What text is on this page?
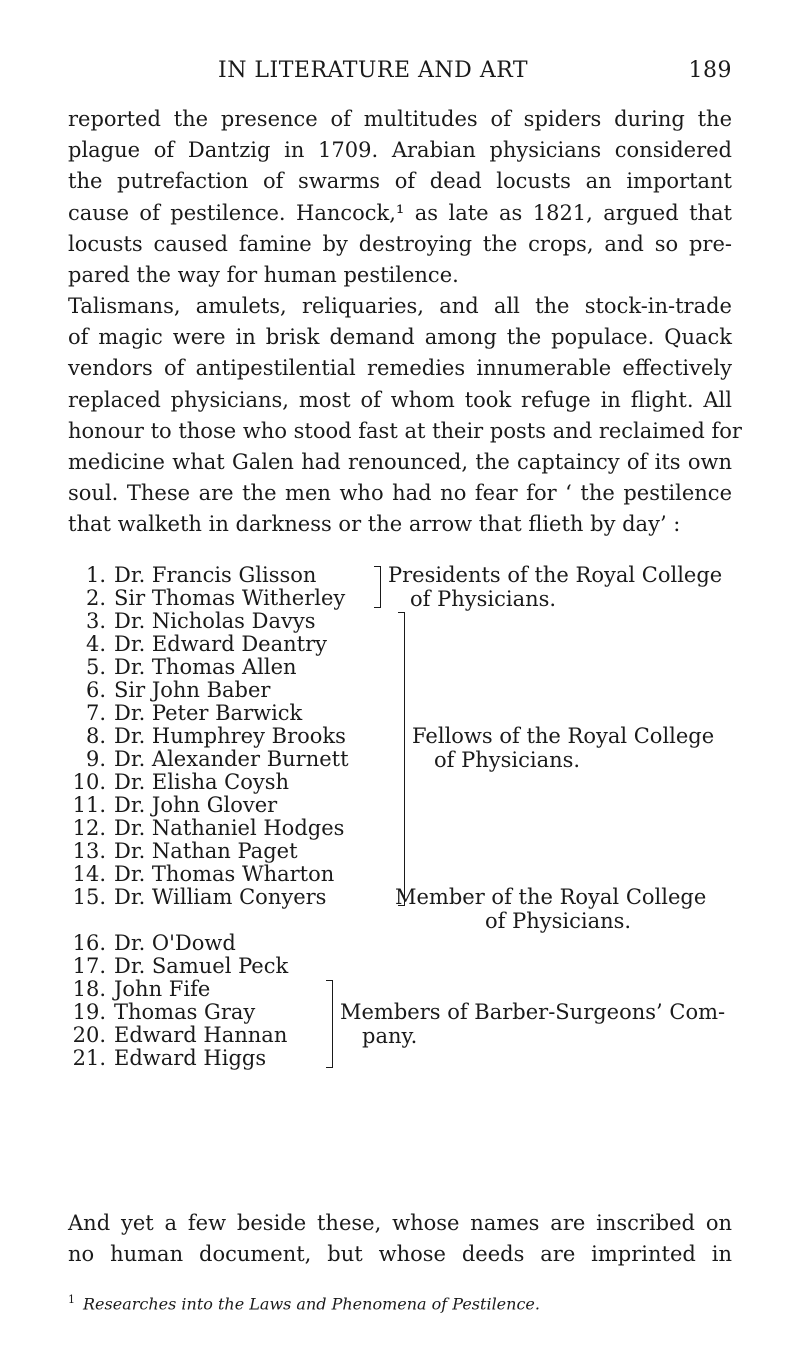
IN LITERATURE AND ART	189
reported the presence of multitudes of spiders during the
plague of Dantzig in 1709. Arabian physicians considered
the putrefaction of swarms of dead locusts an important
cause of pestilence. Hancock,¹ as late as 1821, argued that
locusts caused famine by destroying the crops, and so pre-
pared the way for human pestilence.
Talismans, amulets, reliquaries, and all the stock-in-trade
of magic were in brisk demand among the populace. Quack
vendors of antipestilential remedies innumerable effectively
replaced physicians, most of whom took refuge in flight. All
honour to those who stood fast at their posts and reclaimed for
medicine what Galen had renounced, the captaincy of its own
soul. These are the men who had no fear for ‘ the pestilence
that walketh in darkness or the arrow that flieth by day’ :
1. Dr. Francis Glisson
2. Sir Thomas Witherley
3. Dr. Nicholas Davys
4. Dr. Edward Deantry
5. Dr. Thomas Allen
6. Sir John Baber
7. Dr. Peter Barwick
8. Dr. Humphrey Brooks
9. Dr. Alexander Burnett
10. Dr. Elisha Coysh
11. Dr. John Glover
12. Dr. Nathaniel Hodges
13. Dr. Nathan Paget
14. Dr. Thomas Wharton
15. Dr. William Conyers
16. Dr. O'Dowd
17. Dr. Samuel Peck
18. John Fife
19. Thomas Gray
20. Edward Hannan
21. Edward Higgs
Presidents of the Royal College
of Physicians.
Fellows of the Royal College
of Physicians.
Member of the Royal College
of Physicians.
Members of Barber-Surgeons’ Com-
pany.
And yet a few beside these, whose names are inscribed on
no human document, but whose deeds are imprinted in
$^1$ Researches into the Laws and Phenomena of Pestilence.
